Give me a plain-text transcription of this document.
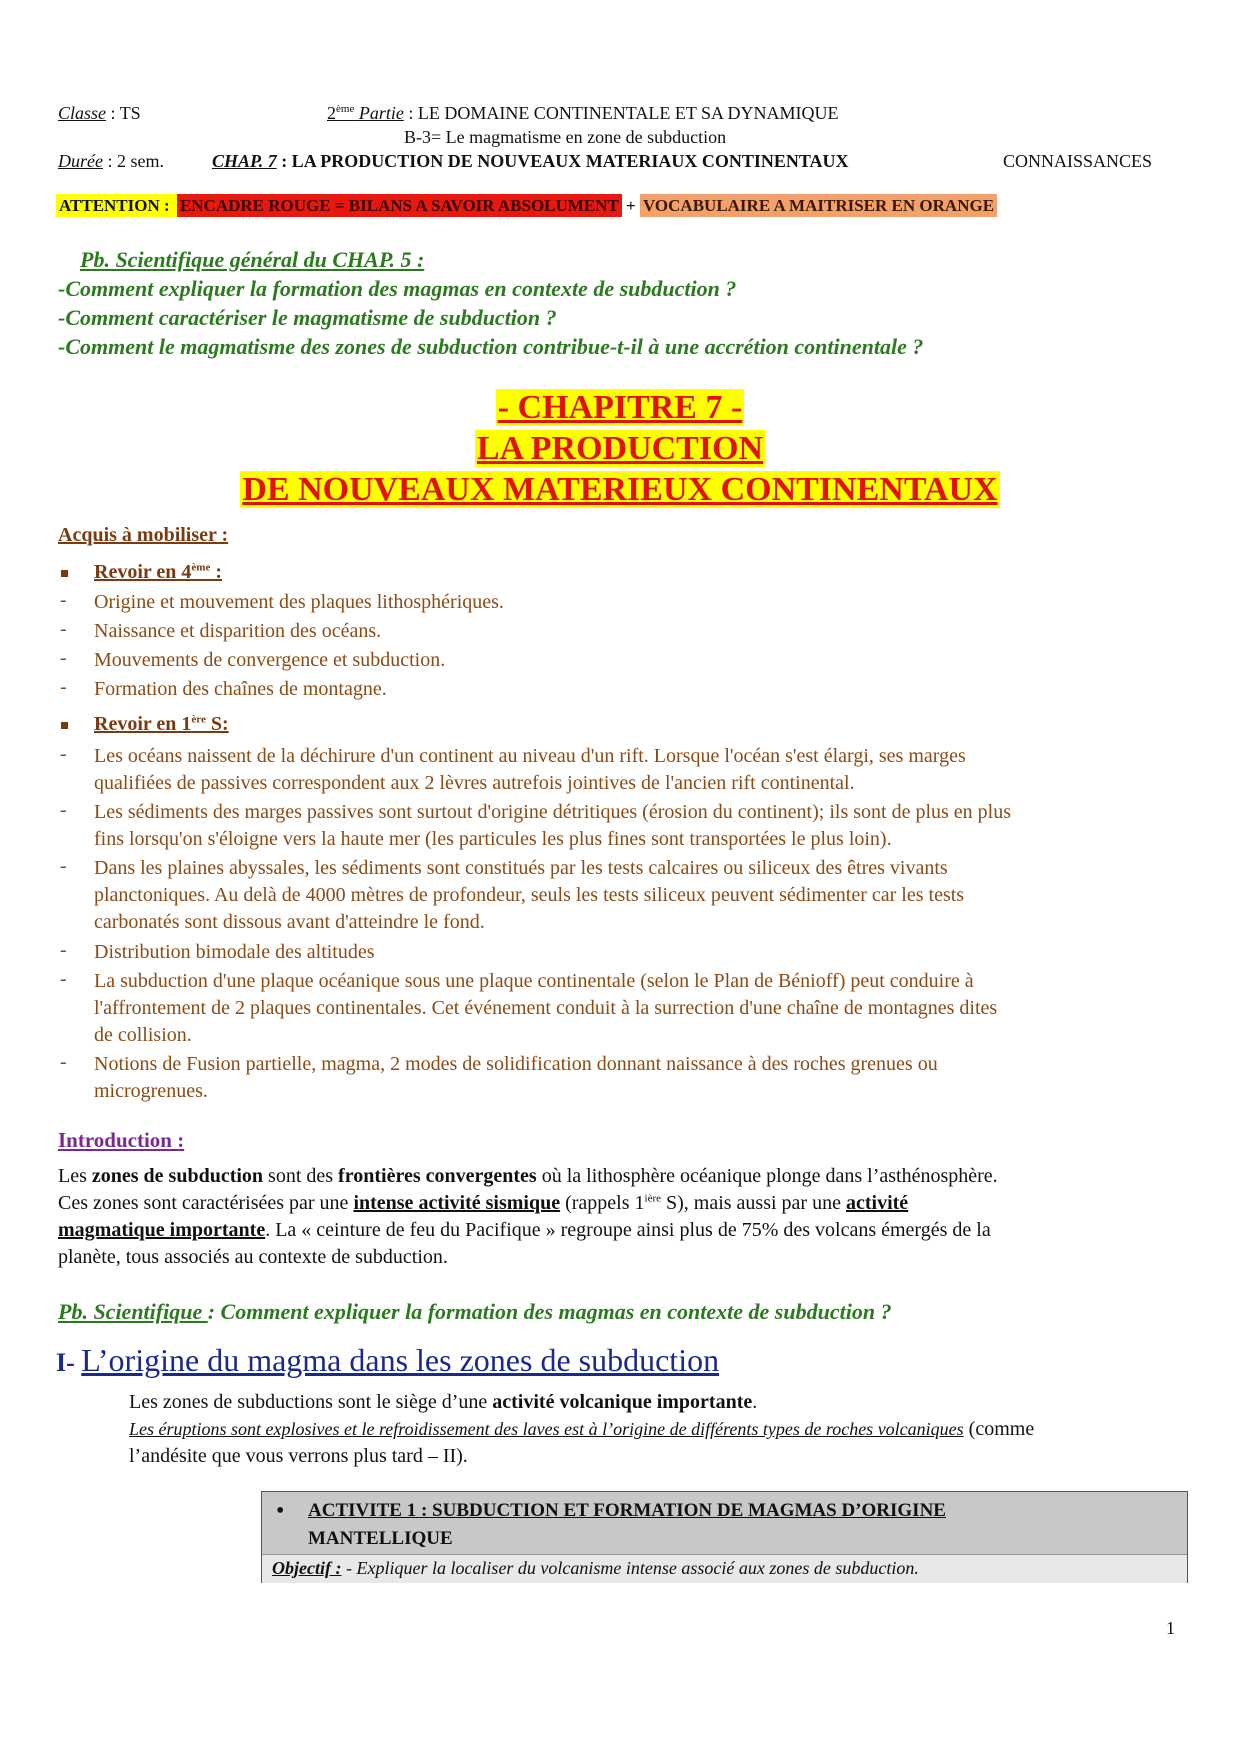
Classe : TS	2ème Partie : LE DOMAINE CONTINENTALE ET SA DYNAMIQUE
B-3= Le magmatisme en zone de subduction
Durée : 2 sem.	CHAP. 7 : LA PRODUCTION DE NOUVEAUX MATERIAUX CONTINENTAUX	CONNAISSANCES
ATTENTION : ENCADRE ROUGE = BILANS A SAVOIR ABSOLUMENT + VOCABULAIRE A MAITRISER EN ORANGE
Pb. Scientifique général du CHAP. 5 :
-Comment expliquer la formation des magmas en contexte de subduction ?
-Comment caractériser le magmatisme de subduction ?
-Comment le magmatisme des zones de subduction contribue-t-il à une accrétion continentale ?
- CHAPITRE 7 -
LA PRODUCTION
DE NOUVEAUX MATERIEUX CONTINENTAUX
Acquis à mobiliser :
Revoir en 4ème :
- Origine et mouvement des plaques lithosphériques.
- Naissance et disparition des océans.
- Mouvements de convergence et subduction.
- Formation des chaînes de montagne.
Revoir en 1ère S:
- Les océans naissent de la déchirure d'un continent au niveau d'un rift. Lorsque l'océan s'est élargi, ses marges
qualifiées de passives correspondent aux 2 lèvres autrefois jointives de l'ancien rift continental.
- Les sédiments des marges passives sont surtout d'origine détritiques (érosion du continent); ils sont de plus en plus
fins lorsqu'on s'éloigne vers la haute mer (les particules les plus fines sont transportées le plus loin).
- Dans les plaines abyssales, les sédiments sont constitués par les tests calcaires ou siliceux des êtres vivants
planctoniques. Au delà de 4000 mètres de profondeur, seuls les tests siliceux peuvent sédimenter car les tests
carbonatés sont dissous avant d'atteindre le fond.
- Distribution bimodale des altitudes
- La subduction d'une plaque océanique sous une plaque continentale (selon le Plan de Bénioff) peut conduire à
l'affrontement de 2 plaques continentales. Cet événement conduit à la surrection d'une chaîne de montagnes dites
de collision.
- Notions de Fusion partielle, magma, 2 modes de solidification donnant naissance à des roches grenues ou
microgrenues.
Introduction :
Les zones de subduction sont des frontières convergentes où la lithosphère océanique plonge dans l’asthénosphère.
Ces zones sont caractérisées par une intense activité sismique (rappels $1^{ière}$ S), mais aussi par une activité
magmatique importante. La « ceinture de feu du Pacifique » regroupe ainsi plus de 75% des volcans émergés de la
planète, tous associés au contexte de subduction.
Pb. Scientifique : Comment expliquer la formation des magmas en contexte de subduction ?
I- L’origine du magma dans les zones de subduction
Les zones de subductions sont le siège d’une activité volcanique importante.
Les éruptions sont explosives et le refroidissement des laves est à l’origine de différents types de roches volcaniques (comme
l’andésite que vous verrons plus tard – II).
• ACTIVITE 1 : SUBDUCTION ET FORMATION DE MAGMAS D’ORIGINE
MANTELLIQUE
Objectif : - Expliquer la localiser du volcanisme intense associé aux zones de subduction.
1
